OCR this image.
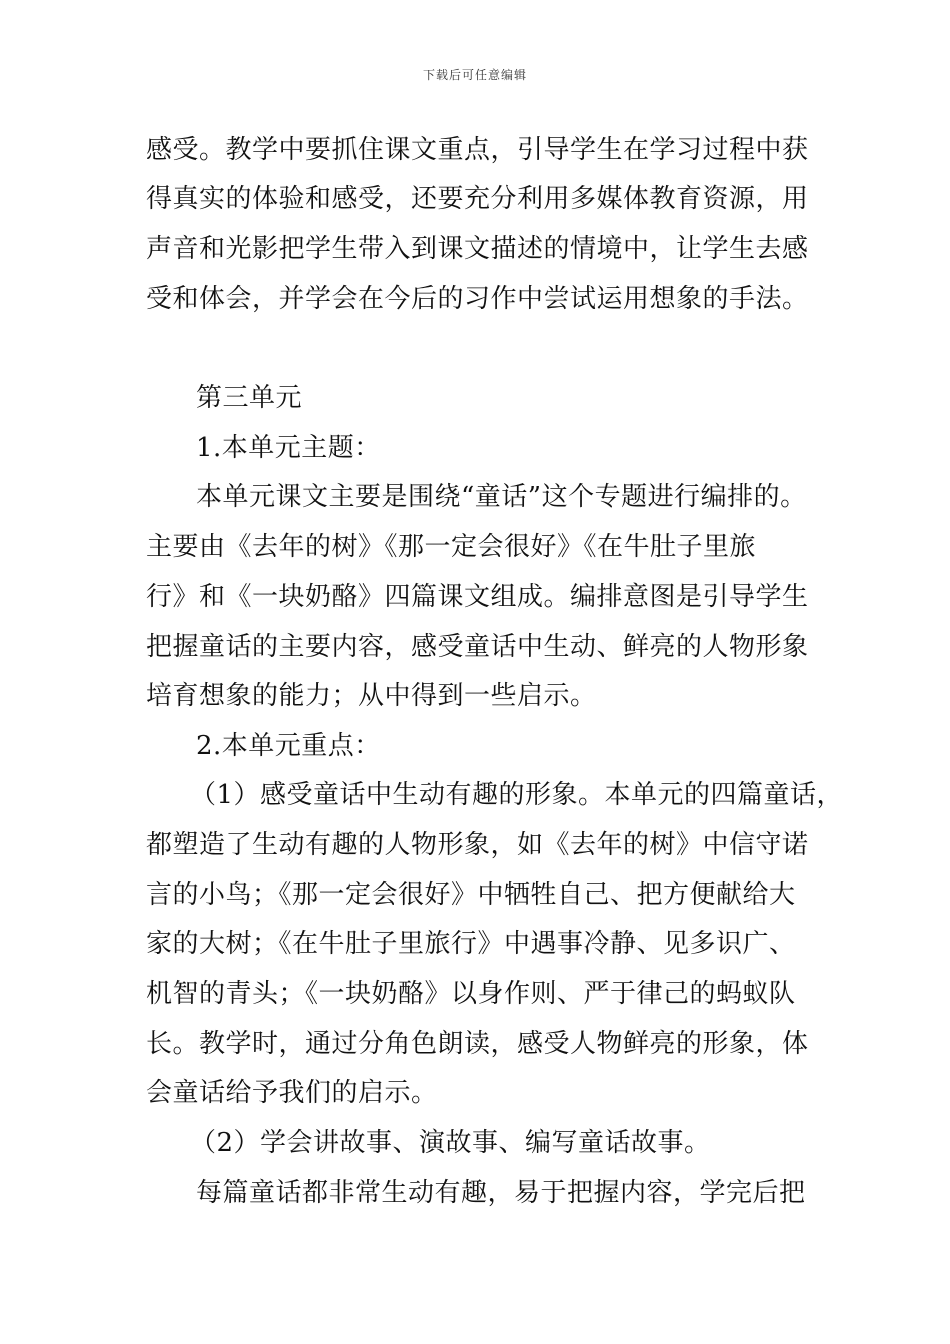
下载后可任意编辑
感受。教学中要抓住课文重点，引导学生在学习过程中获
得真实的体验和感受，还要充分利用多媒体教育资源，用
声音和光影把学生带入到课文描述的情境中，让学生去感
受和体会，并学会在今后的习作中尝试运用想象的手法。
第三单元
1.本单元主题：
本单元课文主要是围绕“童话”这个专题进行编排的。
主要由《去年的树》《那一定会很好》《在牛肚子里旅
行》和《一块奶酪》四篇课文组成。编排意图是引导学生
把握童话的主要内容，感受童话中生动、鲜亮的人物形象
培育想象的能力；从中得到一些启示。
2.本单元重点：
（1）感受童话中生动有趣的形象。本单元的四篇童话，
都塑造了生动有趣的人物形象，如《去年的树》中信守诺
言的小鸟；《那一定会很好》中牺牲自己、把方便献给大
家的大树；《在牛肚子里旅行》中遇事冷静、见多识广、
机智的青头；《一块奶酪》以身作则、严于律己的蚂蚁队
长。教学时，通过分角色朗读，感受人物鲜亮的形象，体
会童话给予我们的启示。
（2）学会讲故事、演故事、编写童话故事。
每篇童话都非常生动有趣，易于把握内容，学完后把
